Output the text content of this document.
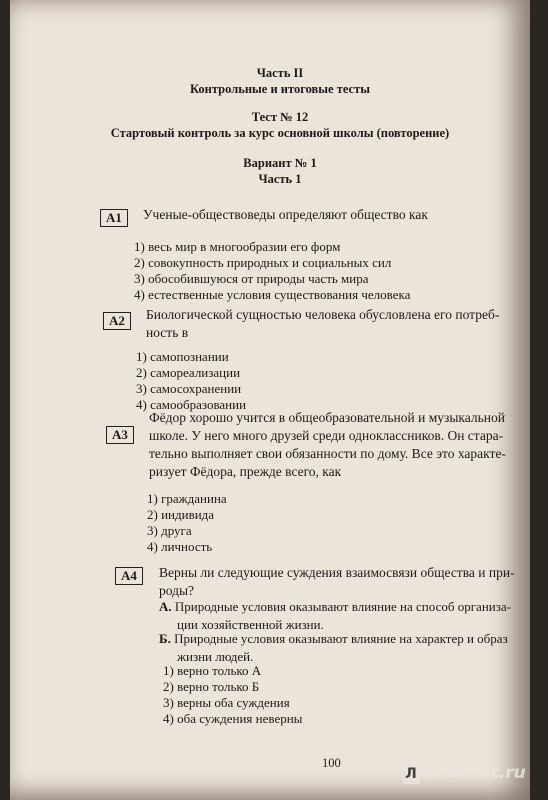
Часть II
Контрольные и итоговые тесты
Тест № 12
Стартовый контроль за курс основной школы (повторение)
Вариант № 1
Часть 1
A1	Ученые-обществоведы определяют общество как
1) весь мир в многообразии его форм
2) совокупность природных и социальных сил
3) обособившуюся от природы часть мира
4) естественные условия существования человека
A2	Биологической сущностью человека обусловлена его потреб-
ность в
1) самопознании
2) самореализации
3) самосохранении
4) самообразовании
A3
Фёдор хорошо учится в общеобразовательной и музыкальной
школе. У него много друзей среди одноклассников. Он стара-
тельно выполняет свои обязанности по дому. Все это характе-
ризует Фёдора, прежде всего, как
1) гражданина
2) индивида
3) друга
4) личность
A4	Верны ли следующие суждения взаимосвязи общества и при-
роды?
А. Природные условия оказывают влияние на способ организа-
ции хозяйственной жизни.
Б. Природные условия оказывают влияние на характер и образ
жизни людей.
1) верно только А
2) верно только Б
3) верны оба суждения
4) оба суждения неверны
100
Л Labirint.ru
